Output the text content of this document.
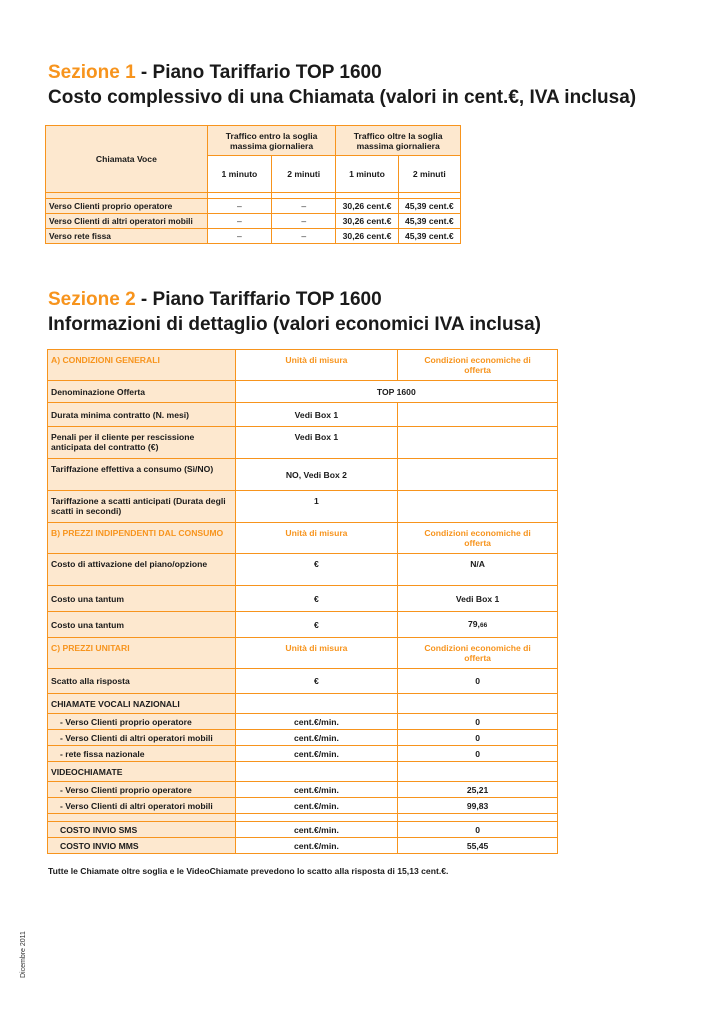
Sezione 1 - Piano Tariffario TOP 1600
Costo complessivo di una Chiamata (valori in cent.€, IVA inclusa)
Chiamata Voce	Traffico entro la soglia massima giornaliera		Traffico oltre la soglia massima giornaliera	
	1 minuto	2 minuti	1 minuto	2 minuti

Verso Clienti proprio operatore	–	–	30,26 cent.€	45,39 cent.€
Verso Clienti di altri operatori mobili	–	–	30,26 cent.€	45,39 cent.€
Verso rete fissa	–	–	30,26 cent.€	45,39 cent.€
Sezione 2 - Piano Tariffario TOP 1600
Informazioni di dettaglio (valori economici IVA inclusa)
A) CONDIZIONI GENERALI	Unità di misura	Condizioni economiche di offerta
Denominazione Offerta	TOP 1600	
Durata minima contratto (N. mesi)	Vedi Box 1	
Penali per il cliente per rescissione anticipata del contratto (€)	Vedi Box 1	
Tariffazione effettiva a consumo (Sì/NO)	NO, Vedi Box 2	
Tariffazione a scatti anticipati (Durata degli scatti in secondi)	1	
B) PREZZI INDIPENDENTI DAL CONSUMO	Unità di misura	Condizioni economiche di offerta
Costo di attivazione del piano/opzione	€	N/A
Costo una tantum	€	Vedi Box 1
Costo una tantum	€	79,66
C) PREZZI UNITARI	Unità di misura	Condizioni economiche di offerta
Scatto alla risposta	€	0
CHIAMATE VOCALI NAZIONALI		
- Verso Clienti proprio operatore	cent.€/min.	0
- Verso Clienti di altri operatori mobili	cent.€/min.	0
- rete fissa nazionale	cent.€/min.	0
VIDEOCHIAMATE		
- Verso Clienti proprio operatore	cent.€/min.	25,21
- Verso Clienti di altri operatori mobili	cent.€/min.	99,83

COSTO INVIO SMS	cent.€/min.	0
COSTO INVIO MMS	cent.€/min.	55,45
Tutte le Chiamate oltre soglia e le VideoChiamate prevedono lo scatto alla risposta di 15,13 cent.€.
Dicembre 2011
